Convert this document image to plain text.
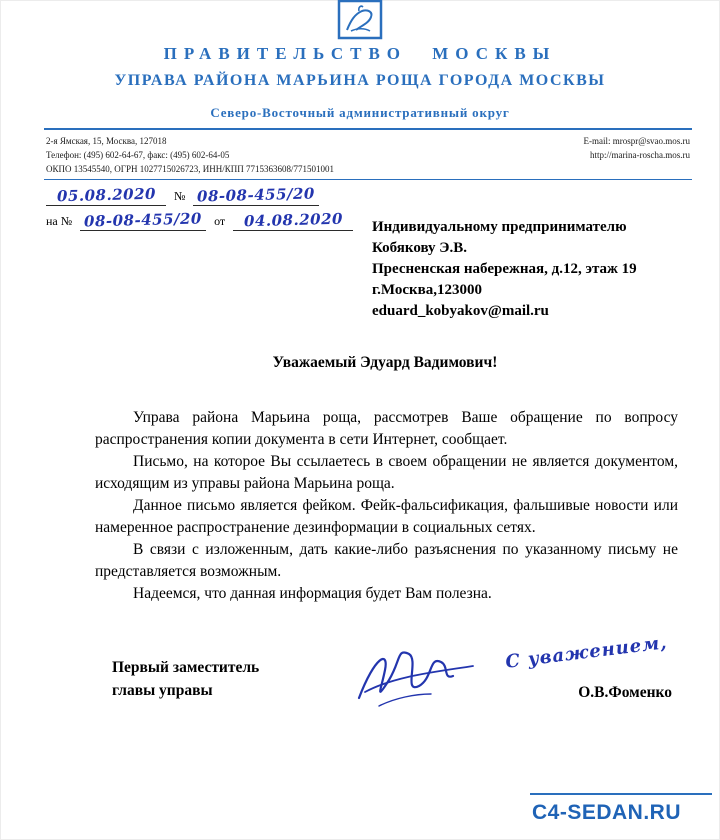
ПРАВИТЕЛЬСТВО МОСКВЫ
УПРАВА РАЙОНА МАРЬИНА РОЩА ГОРОДА МОСКВЫ
Северо-Восточный административный округ
2-я Ямская, 15, Москва, 127018
Телефон: (495) 602-64-67, факс: (495) 602-64-05
ОКПО 13545540, ОГРН 1027715026723, ИНН/КПП 7715363608/771501001
E-mail: mrospr@svao.mos.ru
http://marina-roscha.mos.ru
05.08.2020	№ 08-08-455/20
на № 08-08-455/20 от	04.08.2020	Индивидуальному предпринимателю
Кобякову Э.В.
Пресненская набережная, д.12, этаж 19
г.Москва,123000
eduard_kobyakov@mail.ru
Уважаемый Эдуард Вадимович!

Управа района Марьина роща, рассмотрев Ваше обращение по вопросу распространения копии документа в сети Интернет, сообщает.

Письмо, на которое Вы ссылаетесь в своем обращении не является документом, исходящим из управы района Марьина роща.

Данное письмо является фейком. Фейк-фальсификация, фальшивые новости или намеренное распространение дезинформации в социальных сетях.

В связи с изложенным, дать какие-либо разъяснения по указанному письму не представляется возможным.

Надеемся, что данная информация будет Вам полезна.

Первый заместитель
главы управы
С уважением,
О.В.Фоменко
C4-SEDAN.RU
